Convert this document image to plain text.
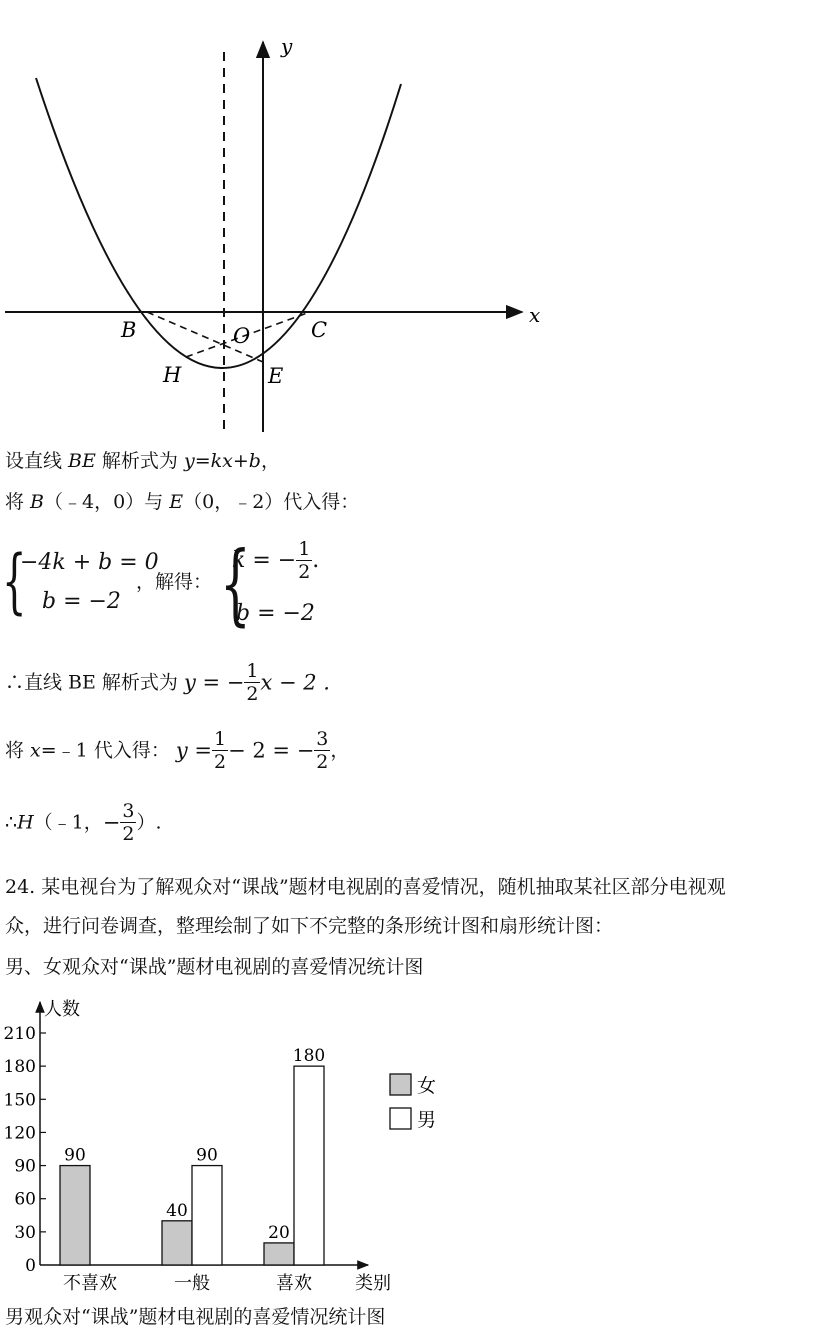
y
x
B	O	C
H	E
设直线 BE 解析式为 y=kx+b，
将 B（﹣4，0）与 E（0，﹣2）代入得：
{
−4k + b = 0
b = −2
，解得： {
k = − $\frac{1}{2}$ .
b = −2
∴直线 BE 解析式为 y = − $\frac{1}{2}$ x − 2 .
将 x=﹣1 代入得： $y = \frac{1}{2} - 2$ = − $\frac{3}{2}$ ，
∴H（﹣1，− $\frac{3}{2}$ ）.
24. 某电视台为了解观众对“课战”题材电视剧的喜爱情况，随机抽取某社区部分电视观
众，进行问卷调查，整理绘制了如下不完整的条形统计图和扇形统计图：
男、女观众对“课战”题材电视剧的喜爱情况统计图
0
30
60
90
120
150
180
210
人数
类别
不喜欢
90
一般
40
90
喜欢
20
180
女
男
男观众对“课战”题材电视剧的喜爱情况统计图
